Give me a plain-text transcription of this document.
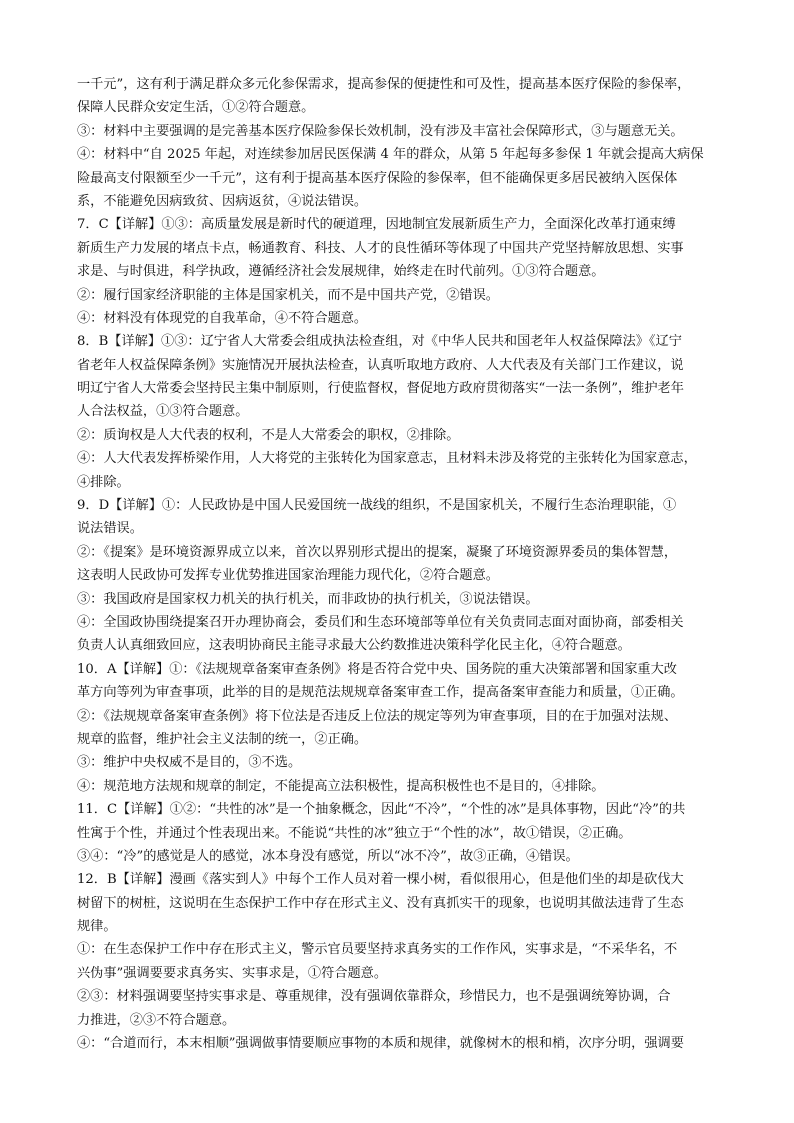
一千元”，这有利于满足群众多元化参保需求，提高参保的便捷性和可及性，提高基本医疗保险的参保率，
保障人民群众安定生活，①②符合题意。
③：材料中主要强调的是完善基本医疗保险参保长效机制，没有涉及丰富社会保障形式，③与题意无关。
④：材料中“自 2025 年起，对连续参加居民医保满 4 年的群众，从第 5 年起每多参保 1 年就会提高大病保
险最高支付限额至少一千元”，这有利于提高基本医疗保险的参保率，但不能确保更多居民被纳入医保体
系，不能避免因病致贫、因病返贫，④说法错误。
7．C【详解】①③：高质量发展是新时代的硬道理，因地制宜发展新质生产力，全面深化改革打通束缚
新质生产力发展的堵点卡点，畅通教育、科技、人才的良性循环等体现了中国共产党坚持解放思想、实事
求是、与时俱进，科学执政，遵循经济社会发展规律，始终走在时代前列。①③符合题意。
②：履行国家经济职能的主体是国家机关，而不是中国共产党，②错误。
④：材料没有体现党的自我革命，④不符合题意。
8．B【详解】①③：辽宁省人大常委会组成执法检查组，对《中华人民共和国老年人权益保障法》《辽宁
省老年人权益保障条例》实施情况开展执法检查，认真听取地方政府、人大代表及有关部门工作建议，说
明辽宁省人大常委会坚持民主集中制原则，行使监督权，督促地方政府贯彻落实“一法一条例”，维护老年
人合法权益，①③符合题意。
②：质询权是人大代表的权利，不是人大常委会的职权，②排除。
④：人大代表发挥桥梁作用，人大将党的主张转化为国家意志，且材料未涉及将党的主张转化为国家意志，
④排除。
9．D【详解】①：人民政协是中国人民爱国统一战线的组织，不是国家机关，不履行生态治理职能，①
说法错误。
②：《提案》是环境资源界成立以来，首次以界别形式提出的提案，凝聚了环境资源界委员的集体智慧，
这表明人民政协可发挥专业优势推进国家治理能力现代化，②符合题意。
③：我国政府是国家权力机关的执行机关，而非政协的执行机关，③说法错误。
④：全国政协围绕提案召开办理协商会，委员们和生态环境部等单位有关负责同志面对面协商，部委相关
负责人认真细致回应，这表明协商民主能寻求最大公约数推进决策科学化民主化，④符合题意。
10．A【详解】①：《法规规章备案审查条例》将是否符合党中央、国务院的重大决策部署和国家重大改
革方向等列为审查事项，此举的目的是规范法规规章备案审查工作，提高备案审查能力和质量，①正确。
②：《法规规章备案审查条例》将下位法是否违反上位法的规定等列为审查事项，目的在于加强对法规、
规章的监督，维护社会主义法制的统一，②正确。
③：维护中央权威不是目的，③不选。
④：规范地方法规和规章的制定，不能提高立法积极性，提高积极性也不是目的，④排除。
11．C【详解】①②：“共性的冰”是一个抽象概念，因此“不冷”，“个性的冰”是具体事物，因此“冷”的共
性寓于个性，并通过个性表现出来。不能说“共性的冰”独立于“个性的冰”，故①错误，②正确。
③④：“冷”的感觉是人的感觉，冰本身没有感觉，所以“冰不冷”，故③正确，④错误。
12．B【详解】漫画《落实到人》中每个工作人员对着一棵小树，看似很用心，但是他们坐的却是砍伐大
树留下的树桩，这说明在生态保护工作中存在形式主义、没有真抓实干的现象，也说明其做法违背了生态
规律。
①：在生态保护工作中存在形式主义，警示官员要坚持求真务实的工作作风，实事求是，“不采华名，不
兴伪事”强调要要求真务实、实事求是，①符合题意。
②③：材料强调要坚持实事求是、尊重规律，没有强调依靠群众，珍惜民力，也不是强调统筹协调，合
力推进，②③不符合题意。
④：“合道而行，本末相顺”强调做事情要顺应事物的本质和规律，就像树木的根和梢，次序分明，强调要
